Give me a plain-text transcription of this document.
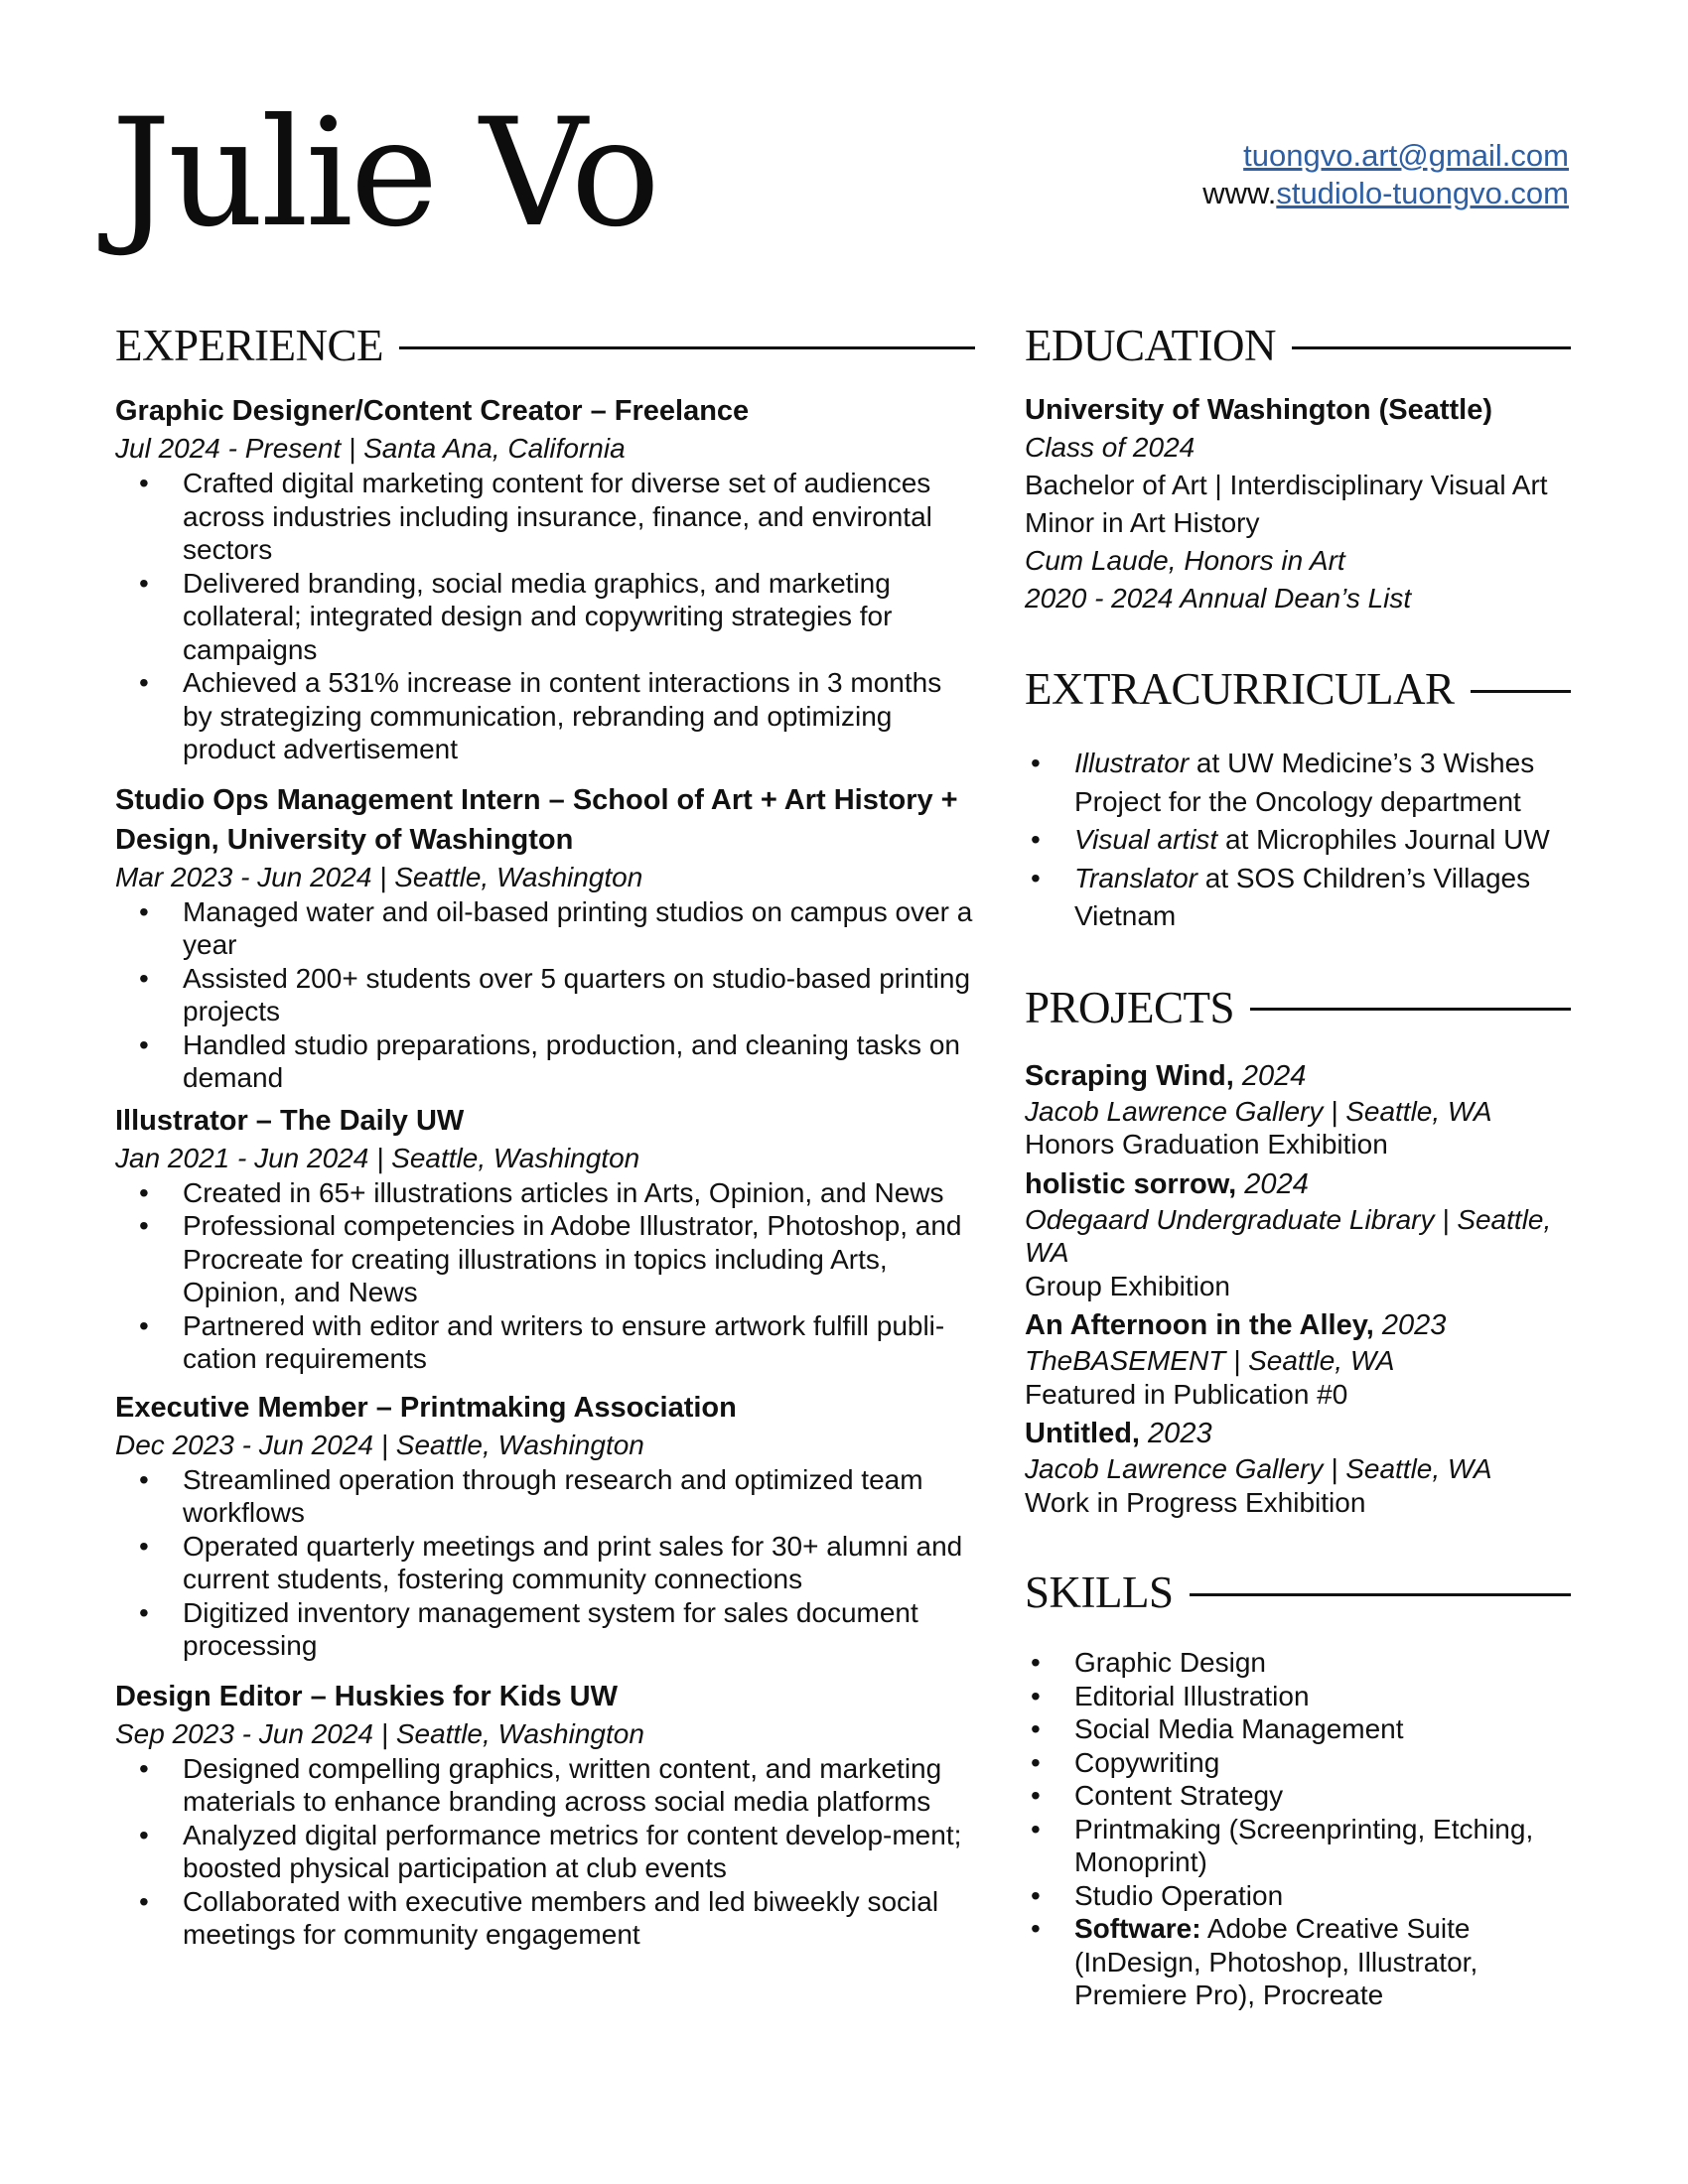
Julie Vo	tuongvo.art@gmail.com
www.studiolo-tuongvo.com
EXPERIENCE
Graphic Designer/Content Creator – Freelance
Jul 2024 - Present | Santa Ana, California
• Crafted digital marketing content for diverse set of audiences across industries including insurance, finance, and environtal sectors
• Delivered branding, social media graphics, and marketing collateral; integrated design and copywriting strategies for campaigns
• Achieved a 531% increase in content interactions in 3 months by strategizing communication, rebranding and optimizing product advertisement
Studio Ops Management Intern – School of Art + Art History + Design, University of Washington
Mar 2023 - Jun 2024 | Seattle, Washington
• Managed water and oil-based printing studios on campus over a year
• Assisted 200+ students over 5 quarters on studio-based printing projects
• Handled studio preparations, production, and cleaning tasks on demand
Illustrator – The Daily UW
Jan 2021 - Jun 2024 | Seattle, Washington
• Created in 65+ illustrations articles in Arts, Opinion, and News
• Professional competencies in Adobe Illustrator, Photoshop, and Procreate for creating illustrations in topics including Arts, Opinion, and News
• Partnered with editor and writers to ensure artwork fulfill publi-cation requirements
Executive Member – Printmaking Association
Dec 2023 - Jun 2024 | Seattle, Washington
• Streamlined operation through research and optimized team workflows
• Operated quarterly meetings and print sales for 30+ alumni and current students, fostering community connections
• Digitized inventory management system for sales document processing
Design Editor – Huskies for Kids UW
Sep 2023 - Jun 2024 | Seattle, Washington
• Designed compelling graphics, written content, and marketing materials to enhance branding across social media platforms
• Analyzed digital performance metrics for content develop-ment; boosted physical participation at club events
• Collaborated with executive members and led biweekly social meetings for community engagement
EDUCATION
University of Washington (Seattle)
Class of 2024
Bachelor of Art | Interdisciplinary Visual Art
Minor in Art History
Cum Laude, Honors in Art
2020 - 2024 Annual Dean’s List
EXTRACURRICULAR
• Illustrator at UW Medicine’s 3 Wishes Project for the Oncology department
• Visual artist at Microphiles Journal UW
• Translator at SOS Children’s Villages Vietnam
PROJECTS
Scraping Wind, 2024
Jacob Lawrence Gallery | Seattle, WA
Honors Graduation Exhibition
holistic sorrow, 2024
Odegaard Undergraduate Library | Seattle, WA
Group Exhibition
An Afternoon in the Alley, 2023
TheBASEMENT | Seattle, WA
Featured in Publication #0
Untitled, 2023
Jacob Lawrence Gallery | Seattle, WA
Work in Progress Exhibition
SKILLS
• Graphic Design
• Editorial Illustration
• Social Media Management
• Copywriting
• Content Strategy
• Printmaking (Screenprinting, Etching, Monoprint)
• Studio Operation
• Software: Adobe Creative Suite (InDesign, Photoshop, Illustrator, Premiere Pro), Procreate
